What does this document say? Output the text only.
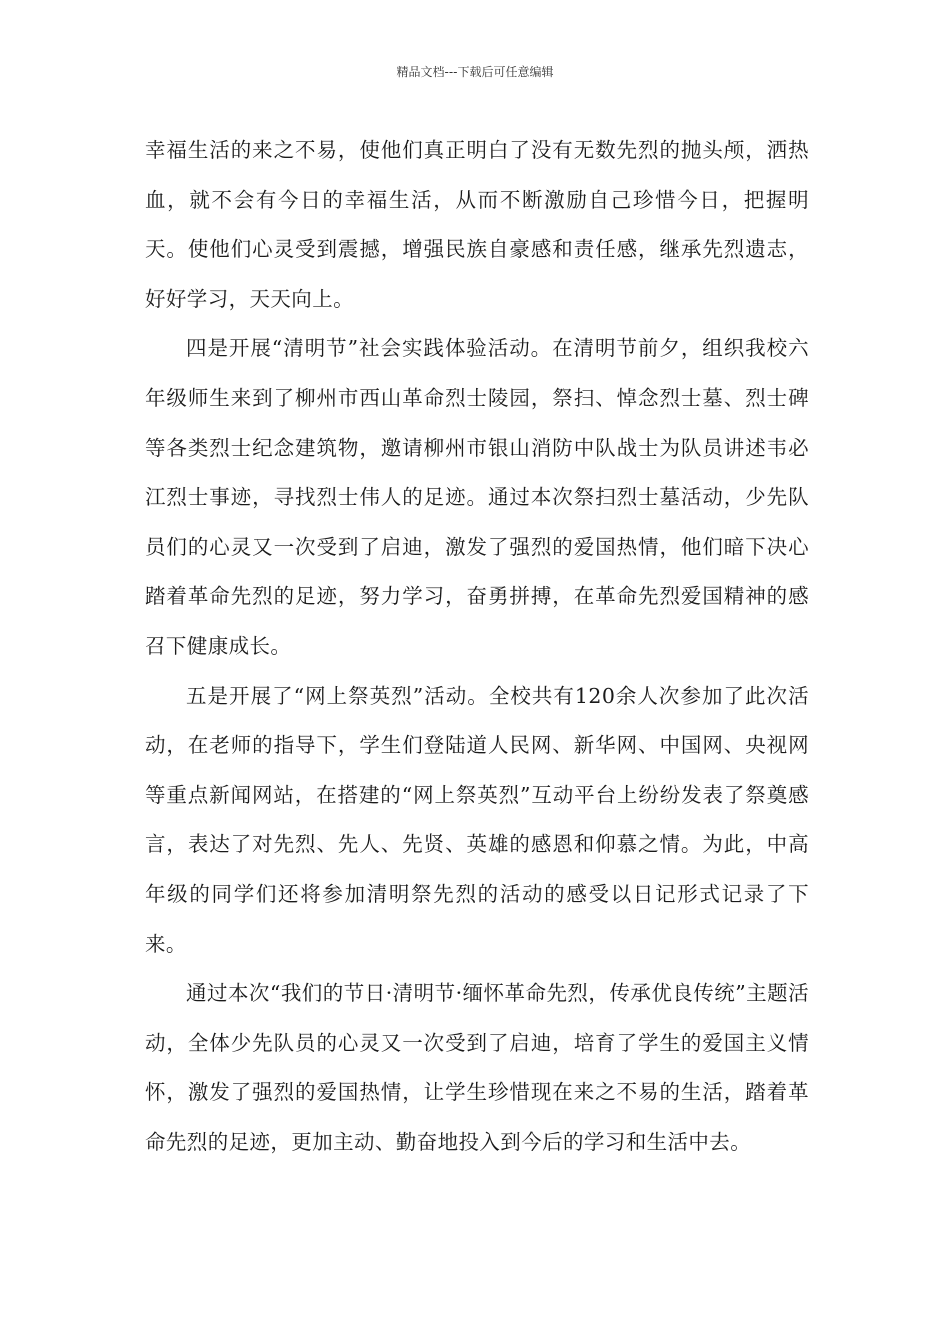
精品文档---下载后可任意编辑

幸福生活的来之不易，使他们真正明白了没有无数先烈的抛头颅，洒热血，就不会有今日的幸福生活，从而不断激励自己珍惜今日，把握明天。使他们心灵受到震撼，增强民族自豪感和责任感，继承先烈遗志，好好学习，天天向上。

四是开展“清明节”社会实践体验活动。在清明节前夕，组织我校六年级师生来到了柳州市西山革命烈士陵园，祭扫、悼念烈士墓、烈士碑等各类烈士纪念建筑物，邀请柳州市银山消防中队战士为队员讲述韦必江烈士事迹，寻找烈士伟人的足迹。通过本次祭扫烈士墓活动，少先队员们的心灵又一次受到了启迪，激发了强烈的爱国热情，他们暗下决心踏着革命先烈的足迹，努力学习，奋勇拼搏，在革命先烈爱国精神的感召下健康成长。

五是开展了“网上祭英烈”活动。全校共有120余人次参加了此次活动，在老师的指导下，学生们登陆道人民网、新华网、中国网、央视网等重点新闻网站，在搭建的“网上祭英烈”互动平台上纷纷发表了祭奠感言，表达了对先烈、先人、先贤、英雄的感恩和仰慕之情。为此，中高年级的同学们还将参加清明祭先烈的活动的感受以日记形式记录了下来。

通过本次“我们的节日·清明节·缅怀革命先烈，传承优良传统”主题活动，全体少先队员的心灵又一次受到了启迪，培育了学生的爱国主义情怀，激发了强烈的爱国热情，让学生珍惜现在来之不易的生活，踏着革命先烈的足迹，更加主动、勤奋地投入到今后的学习和生活中去。
